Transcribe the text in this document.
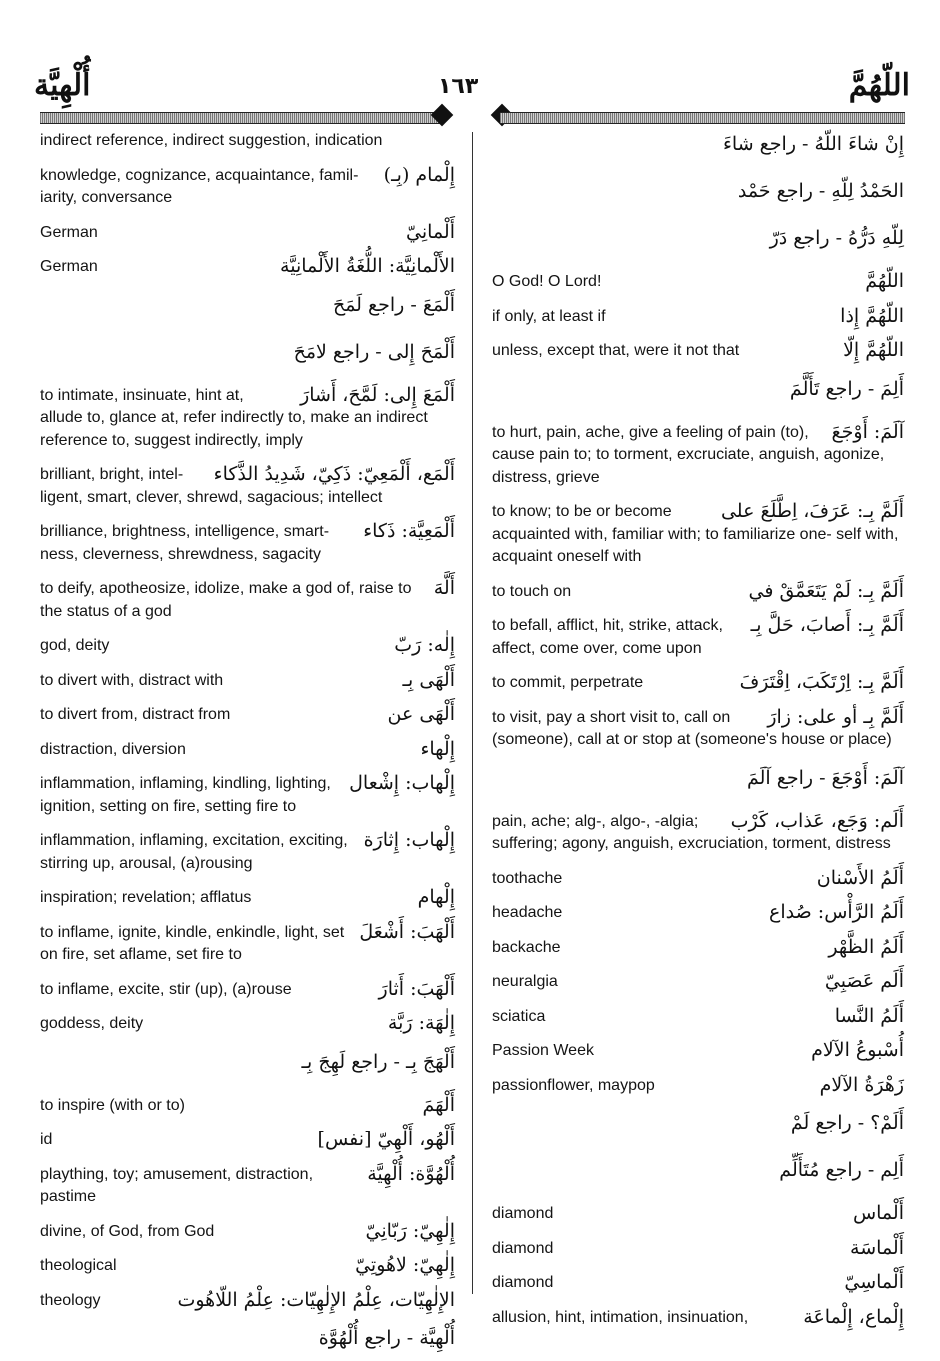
أُلْهِيَّة	١٦٣	اللّهُمَّ
indirect reference, indirect suggestion, indication
إِلْمام (بِـ)
knowledge, cognizance, acquaintance, famil- iarity, conversance
أَلْمانِيّ
German
الأَلْمانِيَّة: اللُّغَةُ الأَلْمانِيَّة
German
أَلْمَعَ - راجع لَمَحَ
أَلْمَحَ إِلى - راجع لامَحَ
أَلْمَعَ إِلى: لَمَّحَ، أَشارَ
to intimate, insinuate, hint at, allude to, glance at, refer indirectly to, make an indirect reference to, suggest indirectly, imply
أَلْمَع، أَلْمَعِيّ: ذَكِيّ، شَدِيدُ الذَّكاء
brilliant, bright, intel- ligent, smart, clever, shrewd, sagacious; intellect
أَلْمَعِيَّة: ذَكاء
brilliance, brightness, intelligence, smart- ness, cleverness, shrewdness, sagacity
أَلَّهَ
to deify, apotheosize, idolize, make a god of, raise to the status of a god
إِلٰه: رَبّ
god, deity
أَلْهَى بِـ
to divert with, distract with
أَلْهَى عن
to divert from, distract from
إِلْهاء
distraction, diversion
إِلْهاب: إِشْعال
inflammation, inflaming, kindling, lighting, ignition, setting on fire, setting fire to
إِلْهاب: إِثارَة
inflammation, inflaming, excitation, exciting, stirring up, arousal, (a)rousing
إِلْهام
inspiration; revelation; afflatus
أَلْهَبَ: أَشْعَلَ
to inflame, ignite, kindle, enkindle, light, set on fire, set aflame, set fire to
أَلْهَبَ: أَثارَ
to inflame, excite, stir (up), (a)rouse
إِلٰهَة: رَبَّة
goddess, deity
أَلْهَجَ بِـ - راجع لَهِجَ بِـ
أَلْهَمَ
to inspire (with or to)
أَلْهُو، أَلْهِيّ [نفس]
id
أُلْهُوَّة: أُلْهِيَّة
plaything, toy; amusement, distraction, pastime
إِلٰهِيّ: رَبّانِيّ
divine, of God, from God
إِلٰهِيّ: لاهُوتِيّ
theological
الإِلٰهِيّات، عِلْمُ الإِلٰهِيّات: عِلْمُ اللّاهُوت
theology
أُلْهِيَّة - راجع أُلْهُوَّة
إِنْ شاءَ اللّهُ - راجع شاءَ
الحَمْدُ لِلّهِ - راجع حَمْد
لِلّهِ دَرُّهُ - راجع دَرّ
اللّهُمَّ
O God! O Lord!
اللّهُمَّ إِذا
if only, at least if
اللّهُمَّ إِلّا
unless, except that, were it not that
أَلِمَ - راجع تَأَلَّمَ
آلَمَ: أَوْجَعَ
to hurt, pain, ache, give a feeling of pain (to), cause pain to; to torment, excruciate, anguish, agonize, distress, grieve
أَلَمَّ بِـ: عَرَفَ، اِطَّلَعَ على
to know; to be or become acquainted with, familiar with; to familiarize one- self with, acquaint oneself with
أَلَمَّ بِـ: لَمْ يَتَعَمَّقْ في
to touch on
أَلَمَّ بِـ: أَصابَ، حَلَّ بِـ
to befall, afflict, hit, strike, attack, affect, come over, come upon
أَلَمَّ بِـ: اِرْتَكَبَ، اِقْتَرَفَ
to commit, perpetrate
أَلَمَّ بِـ أو على: زارَ
to visit, pay a short visit to, call on (someone), call at or stop at (someone's house or place)
آلَمَ: أَوْجَعَ - راجع آلَمَ
أَلَم: وَجَع، عَذاب، كَرْب
pain, ache; alg-, algo-, -algia; suffering; agony, anguish, excruciation, torment, distress
أَلَمُ الأَسْنان
toothache
أَلَمُ الرَّأْس: صُداع
headache
أَلَمُ الظَّهْر
backache
أَلَم عَصَبِيّ
neuralgia
أَلَمُ النَّسا
sciatica
أُسْبوعُ الآلام
Passion Week
زَهْرَةُ الآلام
passionflower, maypop
أَلَمْ؟ - راجع لَمْ
أَلِم - راجع مُتَأَلِّم
أَلْماس
diamond
أَلْماسَة
diamond
أَلْماسِيّ
diamond
إِلْماع، إِلْماعَة
allusion, hint, intimation, insinuation,
